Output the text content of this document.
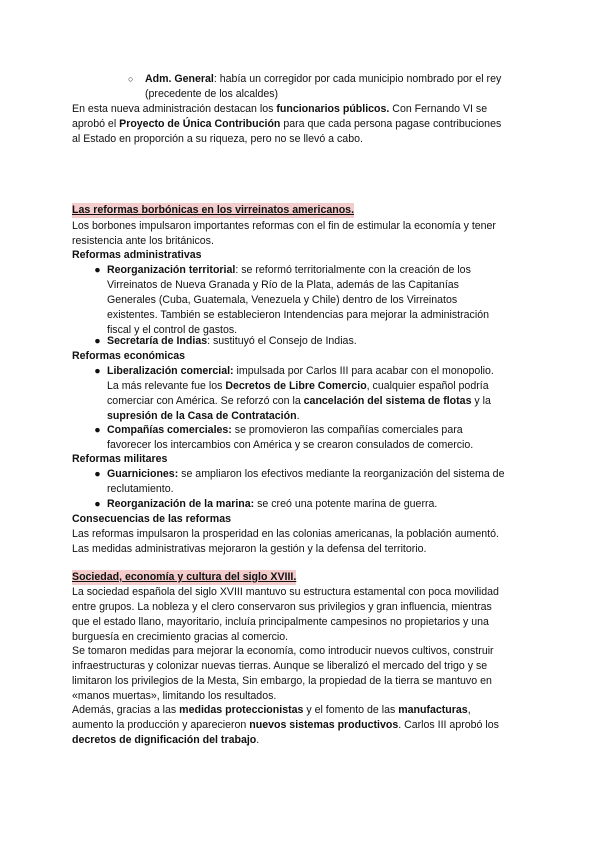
○	Adm. General: había un corregidor por cada municipio nombrado por el rey
(precedente de los alcaldes)
En esta nueva administración destacan los funcionarios públicos. Con Fernando VI se
aprobó el Proyecto de Única Contribución para que cada persona pagase contribuciones
al Estado en proporción a su riqueza, pero no se llevó a cabo.
Las reformas borbónicas en los virreinatos americanos.
Los borbones impulsaron importantes reformas con el fin de estimular la economía y tener
resistencia ante los británicos.
Reformas administrativas
● Reorganización territorial: se reformó territorialmente con la creación de los
Virreinatos de Nueva Granada y Río de la Plata, además de las Capitanías
Generales (Cuba, Guatemala, Venezuela y Chile) dentro de los Virreinatos
existentes. También se establecieron Intendencias para mejorar la administración
fiscal y el control de gastos.
● Secretaría de Indias: sustituyó el Consejo de Indias.
Reformas económicas
● Liberalización comercial: impulsada por Carlos III para acabar con el monopolio.
La más relevante fue los Decretos de Libre Comercio, cualquier español podría
comerciar con América. Se reforzó con la cancelación del sistema de flotas y la
supresión de la Casa de Contratación.
● Compañías comerciales: se promovieron las compañías comerciales para
favorecer los intercambios con América y se crearon consulados de comercio.
Reformas militares
● Guarniciones: se ampliaron los efectivos mediante la reorganización del sistema de
reclutamiento.
● Reorganización de la marina: se creó una potente marina de guerra.
Consecuencias de las reformas
Las reformas impulsaron la prosperidad en las colonias americanas, la población aumentó.
Las medidas administrativas mejoraron la gestión y la defensa del territorio.
Sociedad, economía y cultura del siglo XVIII.
La sociedad española del siglo XVIII mantuvo su estructura estamental con poca movilidad
entre grupos. La nobleza y el clero conservaron sus privilegios y gran influencia, mientras
que el estado llano, mayoritario, incluía principalmente campesinos no propietarios y una
burguesía en crecimiento gracias al comercio.
Se tomaron medidas para mejorar la economía, como introducir nuevos cultivos, construir
infraestructuras y colonizar nuevas tierras. Aunque se liberalizó el mercado del trigo y se
limitaron los privilegios de la Mesta, Sin embargo, la propiedad de la tierra se mantuvo en
«manos muertas», limitando los resultados.
Además, gracias a las medidas proteccionistas y el fomento de las manufacturas,
aumento la producción y aparecieron nuevos sistemas productivos. Carlos III aprobó los
decretos de dignificación del trabajo.
